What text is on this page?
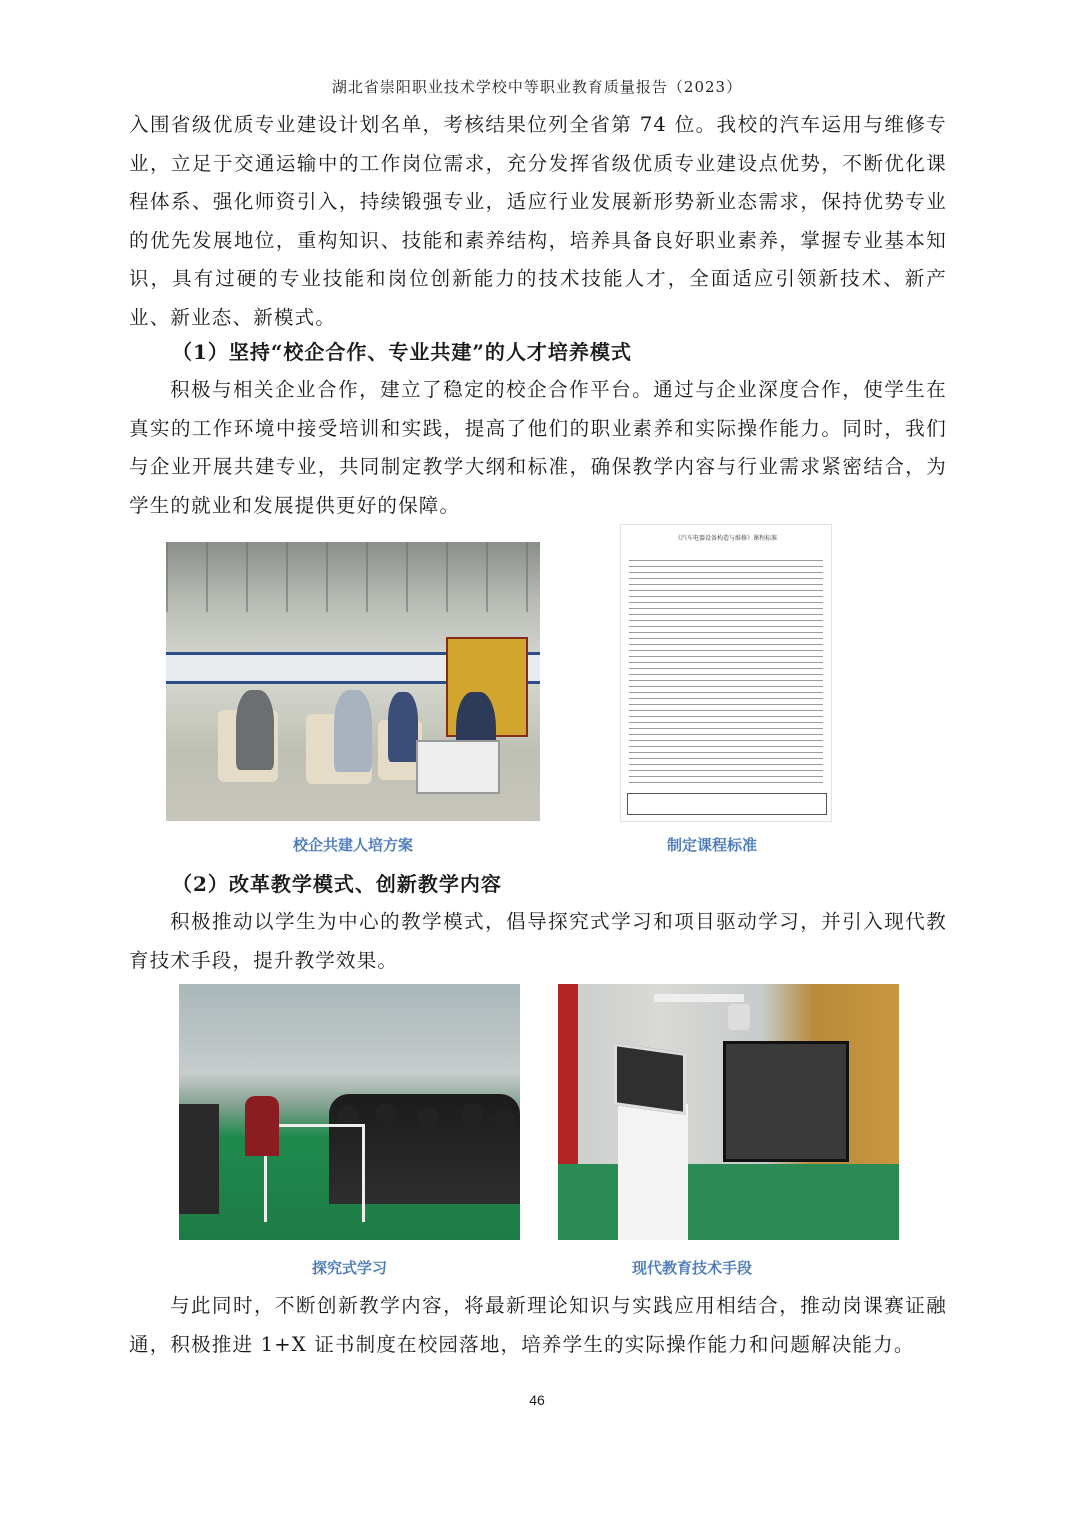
湖北省崇阳职业技术学校中等职业教育质量报告（2023）

入围省级优质专业建设计划名单，考核结果位列全省第 74 位。我校的汽车运用与维修专业，立足于交通运输中的工作岗位需求，充分发挥省级优质专业建设点优势，不断优化课程体系、强化师资引入，持续锻强专业，适应行业发展新形势新业态需求，保持优势专业的优先发展地位，重构知识、技能和素养结构，培养具备良好职业素养，掌握专业基本知识，具有过硬的专业技能和岗位创新能力的技术技能人才，全面适应引领新技术、新产业、新业态、新模式。

（1）坚持“校企合作、专业共建”的人才培养模式

积极与相关企业合作，建立了稳定的校企合作平台。通过与企业深度合作，使学生在真实的工作环境中接受培训和实践，提高了他们的职业素养和实际操作能力。同时，我们与企业开展共建专业，共同制定教学大纲和标准，确保教学内容与行业需求紧密结合，为学生的就业和发展提供更好的保障。

《汽车电器设备构造与维修》课程标准
校企共建人培方案	制定课程标准

（2）改革教学模式、创新教学内容

积极推动以学生为中心的教学模式，倡导探究式学习和项目驱动学习，并引入现代教育技术手段，提升教学效果。

探究式学习	现代教育技术手段

与此同时，不断创新教学内容，将最新理论知识与实践应用相结合，推动岗课赛证融通，积极推进 1+X 证书制度在校园落地，培养学生的实际操作能力和问题解决能力。

46
